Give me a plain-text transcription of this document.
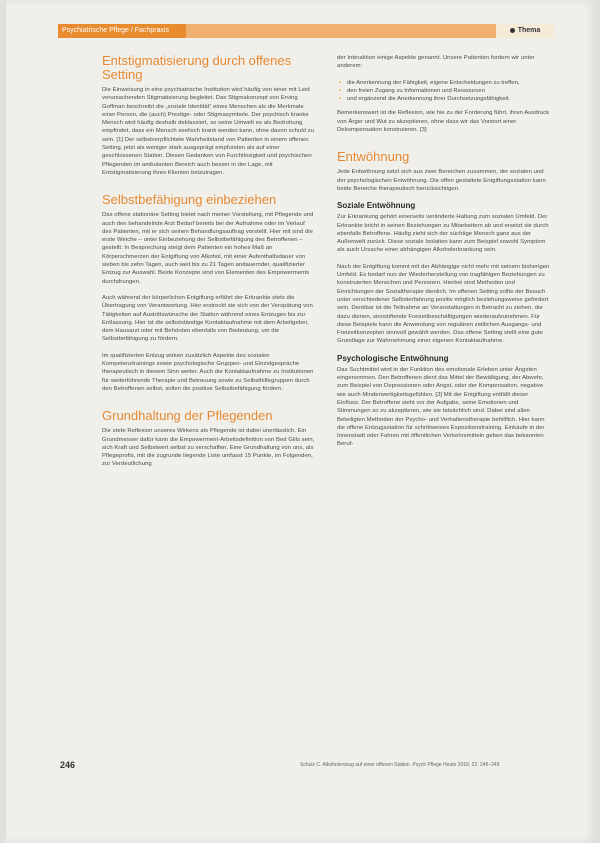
Psychiatrische Pflege / Fachpraxis	Thema
Entstigmatisierung durch offenes Setting

Die Einweisung in eine psychiatrische Institution wird häufig von einer mit Leid verursachenden Stigmatisierung begleitet. Das Stigmakonzept von Erving Goffman beschreibt die „soziale Identität“ eines Menschen als die Merkmale einer Person, die (auch) Prestige- oder Stigmasymbole. Der psychisch kranke Mensch wird häufig deshalb deklassiert, so seine Umwelt es als Bedrohung empfindet, dass ein Mensch seelisch krank werden kann, ohne davon schuld zu sein. [1] Der selbstverpflichtete Wahrheitstand von Patienten in einem offenen Setting, jetzt als weniger stark ausgeprägt empfunden als auf einer geschlossenen Station. Diesen Gedanken von Furchtlosigkeit und psychischen Pflegenden im ambulanten Bereich auch besser in der Lage, mit Entstigmatisierung ihres Klienten beizutragen.

Selbstbefähigung einbeziehen

Das offene stationäre Setting bietet nach meiner Vorstellung, mit Pflegende und auch den behandelnde Arzt Bedarf bereits bei der Aufnahme oder im Verlauf des Patienten, mit er sich seinen Behandlungsauftrag vorstellt. Hier mit sind die erste Weiche – unter Einbeziehung der Selbstbefähigung des Betroffenen – gestellt. In Besprechung steigt dem Patienten ein hohes Maß an Körperschmerzen der Entgiftung von Alkohol, mit einer Aufenthaltsdauer von sieben bis zehn Tagen, auch weit bis zu 21 Tagen andauernder, qualifizierter Entzug zur Auswahl. Beide Konzepte sind von Elementen des Empowerments durchdrungen.

Auch während der körperlichen Entgiftung erfährt der Erkrankte stets die Übertragung von Verantwortung. Hier erstreckt sie sich von der Verspätung von Tätigkeiten auf Austrittswünsche der Station während eines Entzuges bis zur Entlassung. Hier ist die selbstständige Kontaktaufnahme mit dem Arbeitgeber, dem Hausarzt oder mit Behörden ebenfalls von Bedeutung, um die Selbstbefähigung zu fördern.

Im qualifizierten Entzug wirken zusätzlich Aspekte des sozialen Kompetenztrainings sowie psychologische Gruppen- und Einzelgespräche therapeutisch in diesem Sinn weiter. Auch die Kontaktaufnahme zu Institutionen für weiterführende Therapie und Betreuung sowie zu Selbsthilfegruppen durch den Betroffenen selbst, sollen die positive Selbstbefähigung fördern.

Grundhaltung der Pflegenden

Die stete Reflexion unseres Wirkens als Pflegende ist dabei unerlässlich. Ein Grundmesser dafür kann die Empowerment-Arbeitsdefinition von Bed Gills sein, sich Kraft und Selbstwert selbst zu verschaffen. Eine Grundhaltung von uns, als Pflegeprofis, mit die zugrunde liegende Liste umfasst 15 Punkte, im Folgenden, zur Verdeutlichung

der Interaktion einige Aspekte genannt. Unsere Patienten fordern wir unter anderem:

• die Anerkennung der Fähigkeit, eigene Entscheidungen zu treffen,
• den freien Zugang zu Informationen und Ressourcen
• und ergänzend die Anerkennung ihrer Durchsetzungsfähigkeit.

Bemerkenswert ist die Reflexion, wie hie zu der Forderung führt, ihren Ausdruck von Ärger und Wut zu akzeptieren, ohne dass wir das Vorwort einer Dekompensation konstruieren. [3]

Entwöhnung

Jede Entwöhnung setzt sich aus zwei Bereichen zusammen, der sozialen und der psychologischen Entwöhnung. Die offen gestaltete Entgiftungsstation kann beide Bereiche therapeutisch berücksichtigen.

Soziale Entwöhnung

Zur Erkrankung gehört einerseits veränderte Haltung zum sozialen Umfeld. Der Erkrankte bricht in seinen Beziehungen zu Mitarbeitern ab und ersetzt sie durch ebenfalls Betroffene. Häufig zieht sich der süchtige Mensch ganz aus der Außenwelt zurück. Diese soziale Isolation kann zum Beispiel sowohl Symptom als auch Ursache einer abhängigen Alkoholerkrankung sein.

Nach der Entgiftung kommt mit der Abhängige nicht mehr mit seinem bisherigen Umfeld. Es bedarf nun der Wiederherstellung von tragfähigen Beziehungen zu konstruierten Menschen und Personen. Hierbei sind Methoden und Einrichtungen der Sozialtherapie dienlich. Im offenen Setting sollte der Besuch unter verschiedener Selbsterfahrung positiv möglich beziehungsweise gefordert sein. Denkbar ist die Teilnahme an Veranstaltungen in Betracht zu ziehen, die dazu dienen, sinnstiftende Freizeitbeschäftigungen wiederaufzunehmen. Für diese Beispiele kann die Anwendung von regulären zeitlichen Ausgangs- und Freizeitkonzepten sinnvoll gewählt werden. Das offene Setting stellt eine gute Grundlage zur Wahrnehmung einer eigenen Kontaktaufnahme.

Psychologische Entwöhnung

Das Suchtmittel wird in der Funktion des emotionale Erleben unter Ängsten eingenommen. Den Betroffenen dient das Mittel der Bewältigung, der Abwehr, zum Beispiel von Depressionen oder Angst, oder der Kompensation, negative wie auch Minderwertigkeitsgefühlen. [3] Mit der Entgiftung entfällt dieser Einfluss. Der Betroffene sieht vor der Aufgabe, seine Emotionen und Stimmungen so zu akzeptieren, wie sie tatsächlich sind. Dabei sind allen Beteiligten Methoden der Psycho- und Verhaltenstherapie behilflich. Hier kann die offene Entzugsstation für schrittweises Expositionstraining. Einkäufe in der Innenstadt oder Fahren mit öffentlichen Verkehrsmitteln geben das bekannten Beruf-

246	Schulz C. Alkoholentzug auf einer offenen Station. Psych Pflege Heute 2016; 22: 245–249
